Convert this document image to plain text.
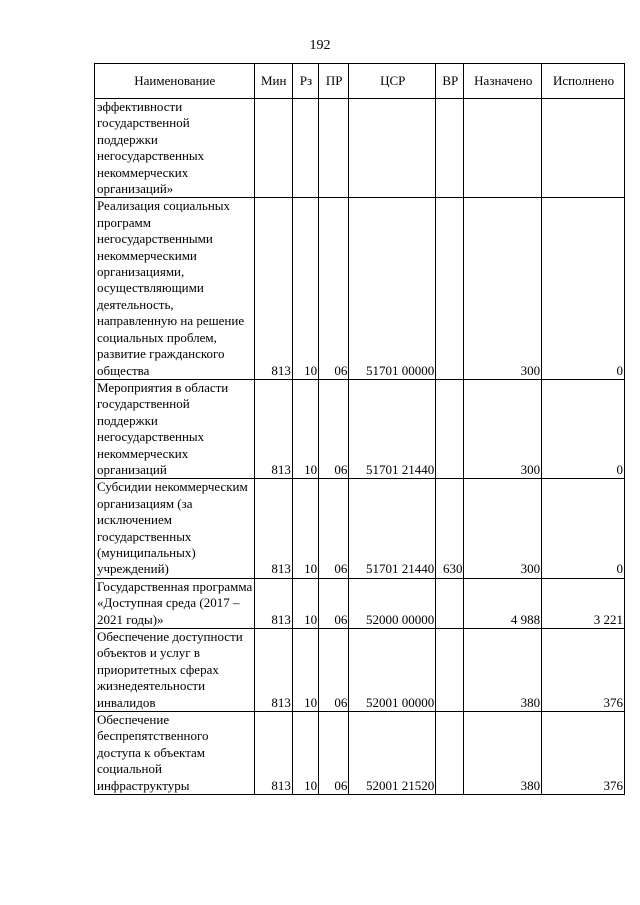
192
Наименование	Мин	Рз	ПР	ЦСР	ВР	Назначено	Исполнено
эффективности государственной поддержки негосударственных некоммерческих организаций»							
Реализация социальных программ негосударственными некоммерческими организациями, осуществляющими деятельность, направленную на решение социальных проблем, развитие гражданского общества	813	10	06	51701 00000		300	0
Мероприятия в области государственной поддержки негосударственных некоммерческих организаций	813	10	06	51701 21440		300	0
Субсидии некоммерческим организациям (за исключением государственных (муниципальных) учреждений)	813	10	06	51701 21440	630	300	0
Государственная программа «Доступная среда (2017 – 2021 годы)»	813	10	06	52000 00000		4 988	3 221
Обеспечение доступности объектов и услуг в приоритетных сферах жизнедеятельности инвалидов	813	10	06	52001 00000		380	376
Обеспечение беспрепятственного доступа к объектам социальной инфраструктуры	813	10	06	52001 21520		380	376
